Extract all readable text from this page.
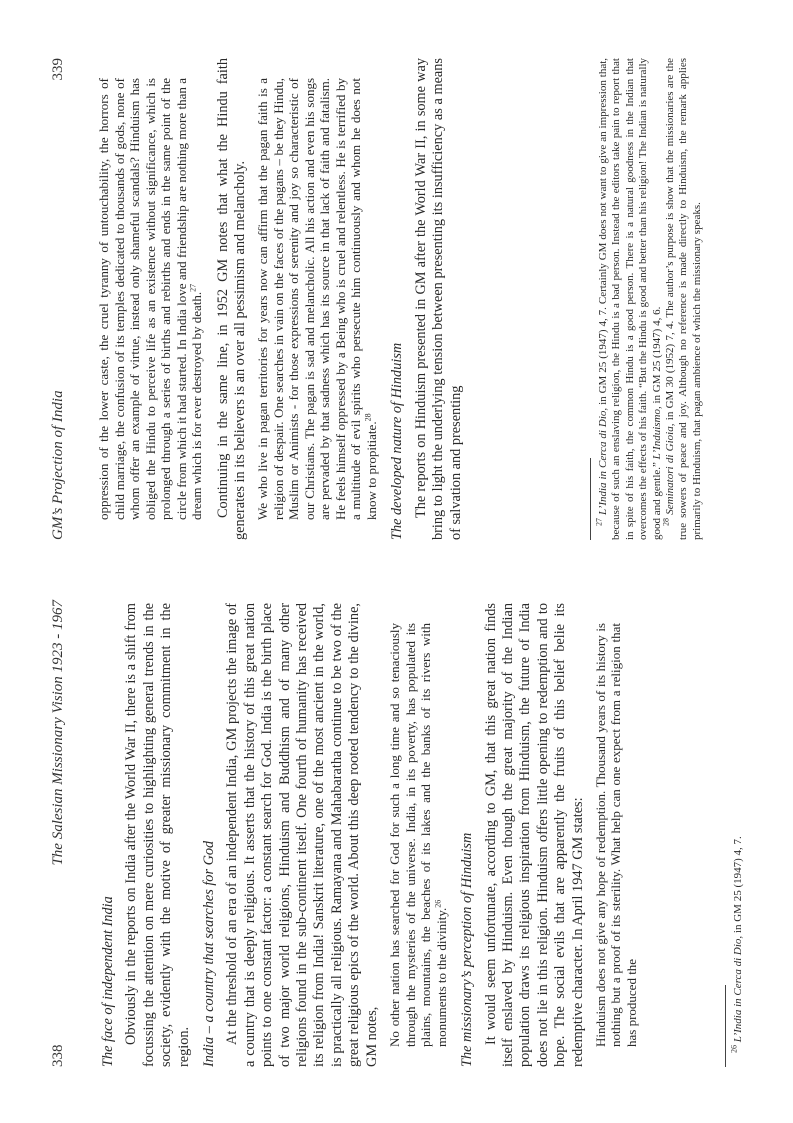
338
The Salesian Missionary Vision 1923 - 1967
The face of independent India Obviously in the reports on India after the World War II, there is a shift from focussing the attention on mere curiosities to highlighting general trends in the society, evidently with the motive of greater missionary commitment in the region. India – a country that searches for God At the threshold of an era of an independent India, GM projects the image of a country that is deeply religious. It asserts that the history of this great nation points to one constant factor: a constant search for God. India is the birth place of two major world religions, Hinduism and Buddhism and of many other religions found in the sub-continent itself. One fourth of humanity has received its religion from India! Sanskrit literature, one of the most ancient in the world, is practically all religious. Ramayana and Mahabaratha continue to be two of the great religious epics of the world. About this deep rooted tendency to the divine, GM notes, No other nation has searched for God for such a long time and so tenaciously through the mysteries of the universe. India, in its poverty, has populated its plains, mountains, the beaches of its lakes and the banks of its rivers with monuments to the divinity.$^{26}$	The missionary’s perception of Hinduism It would seem unfortunate, according to GM, that this great nation finds itself enslaved by Hinduism. Even though the great majority of the Indian population draws its religious inspiration from Hinduism, the future of India does not lie in this religion. Hinduism offers little opening to redemption and to hope. The social evils that are apparently the fruits of this belief belie its redemptive character. In April 1947 GM states: Hinduism does not give any hope of redemption. Thousand years of its history is nothing but a proof of its sterility. What help can one expect from a religion that has produced the

$^{26}$ L’India in Cerca di Dio, in GM 25 (1947) 4, 7.

GM’s Projection of India
339

oppression of the lower caste, the cruel tyranny of untouchability, the horrors of child marriage, the confusion of its temples dedicated to thousands of gods, none of whom offer an example of virtue, instead only shameful scandals? Hinduism has obliged the Hindu to perceive life as an existence without significance, which is prolonged through a series of births and rebirths and ends in the same point of the circle from which it had started. In India love and friendship are nothing more than a dream which is for ever destroyed by death.$^{27}$	Continuing in the same line, in 1952 GM notes that what the Hindu faith generates in its believers is an over all pessimism and melancholy. We who live in pagan territories for years now can affirm that the pagan faith is a religion of despair. One searches in vain on the faces of the pagans – be they Hindu, Muslim or Animists - for those expressions of serenity and joy so characteristic of our Christians. The pagan is sad and melancholic. All his action and even his songs are pervaded by that sadness which has its source in that lack of faith and fatalism. He feels himself oppressed by a Being who is cruel and relentless. He is terrified by a multitude of evil spirits who persecute him continuously and whom he does not know to propitiate.$^{28}$	The developed nature of Hinduism The reports on Hinduism presented in GM after the World War II, in some way bring to light the underlying tension between presenting its insufficiency as a means of salvation and presenting	$^{27}$ L’India in Cerca di Dio, in GM 25 (1947) 4, 7. Certainly GM does not want to give an impression that, because of such an enslaving religion, the Hindu is a bad person. Instead the editors take pain to report that in spite of his faith, the common Hindu is a good person. There is a natural goodness in the Indian that overcomes the effects of his faith. “But the Hindu is good and better than his religion! The Indian is naturally good and gentle.” L’Induismo, in GM 25 (1947) 4, 6.

$^{28}$ Seminatori di Gioia, in GM 30 (1952) 7, 4. The author’s purpose is show that the missionaries are the true sowers of peace and joy. Although no reference is made directly to Hinduism, the remark applies primarily to Hinduism, that pagan ambience of which the missionary speaks.
